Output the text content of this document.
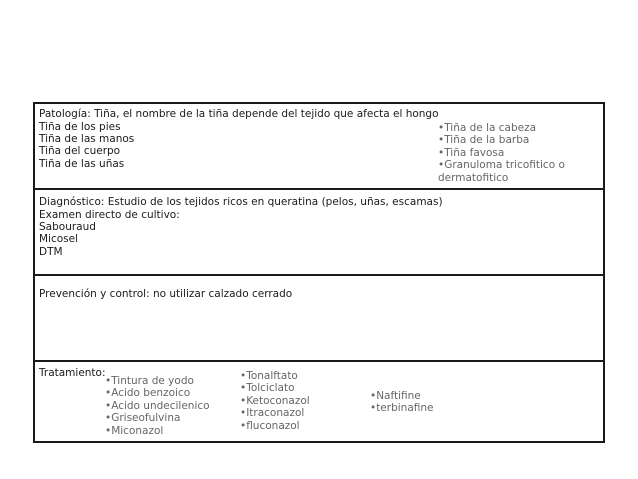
Patología: Tiña, el nombre de la tiña depende del tejido que afecta el hongo
Tiña de los pies
Tiña de las manos
Tiña del cuerpo
Tiña de las uñas
•Tiña de la cabeza
•Tiña de la barba
•Tiña favosa
•Granuloma tricofitico o
dermatofitico
Diagnóstico: Estudio de los tejidos ricos en queratina (pelos, uñas, escamas)
Examen directo de cultivo:
Sabouraud
Micosel
DTM
Prevención y control: no utilizar calzado cerrado
Tratamiento:
•Tintura de yodo
•Acido benzoico
•Acido undecilenico
•Griseofulvina
•Miconazol
•Tonalftato
•Tolciclato
•Ketoconazol
•Itraconazol
•fluconazol
•Naftifine
•terbinafine
